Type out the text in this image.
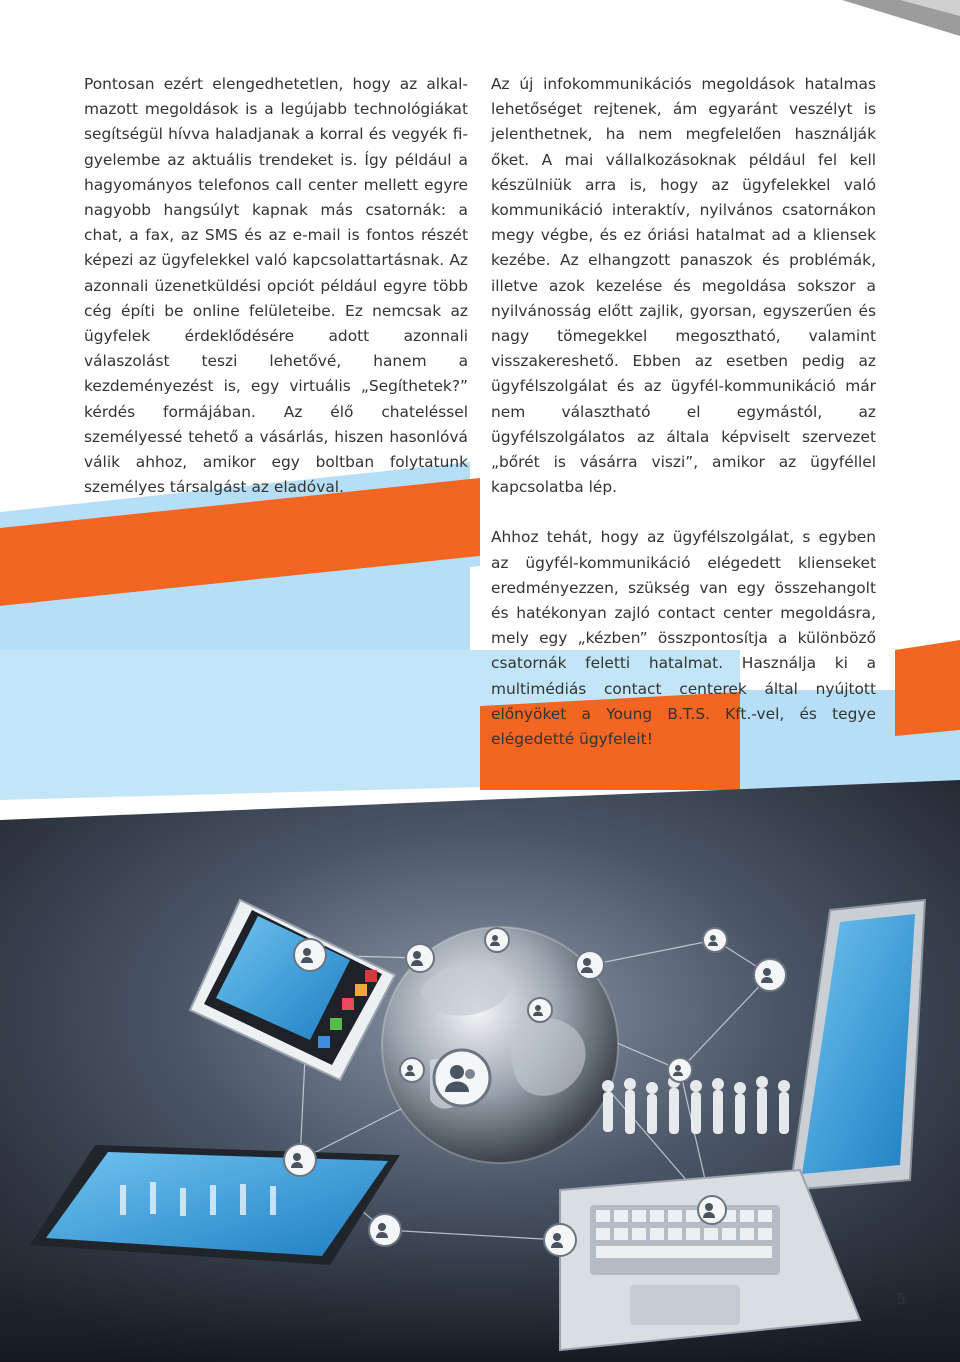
Pontosan ezért elengedhetetlen, hogy az alkalmazott megoldások is a legújabb technológiákat segítségül hívva haladjanak a korral és vegyék figyelembe az aktuális trendeket is. Így például a hagyományos telefonos call center mellett egyre nagyobb hangsúlyt kapnak más csatornák: a chat, a fax, az SMS és az e-mail is fontos részét képezi az ügyfelekkel való kapcsolattartásnak. Az azonnali üzenetküldési opciót például egyre több cég építi be online felületeibe. Ez nemcsak az ügyfelek érdeklődésére adott azonnali válaszolást teszi lehetővé, hanem a kezdeményezést is, egy virtuális „Segíthetek?” kérdés formájában. Az élő chateléssel személyessé tehető a vásárlás, hiszen hasonlóvá válik ahhoz, amikor egy boltban folytatunk személyes társalgást az eladóval.

Az új infokommunikációs megoldások hatalmas lehetőséget rejtenek, ám egyaránt veszélyt is jelenthetnek, ha nem megfelelően használják őket. A mai vállalkozásoknak például fel kell készülniük arra is, hogy az ügyfelekkel való kommunikáció interaktív, nyilvános csatornákon megy végbe, és ez óriási hatalmat ad a kliensek kezébe. Az elhangzott panaszok és problémák, illetve azok kezelése és megoldása sokszor a nyilvánosság előtt zajlik, gyorsan, egyszerűen és nagy tömegekkel megosztható, valamint visszakereshető. Ebben az esetben pedig az ügyfélszolgálat és az ügyfél-kommunikáció már nem választható el egymástól, az ügyfélszolgálatos az általa képviselt szervezet „bőrét is vásárra viszi”, amikor az ügyféllel kapcsolatba lép.

Ahhoz tehát, hogy az ügyfélszolgálat, s egyben az ügyfél-kommunikáció elégedett klienseket eredményezzen, szükség van egy összehangolt és hatékonyan zajló contact center megoldásra, mely egy „kézben” összpontosítja a különböző csatornák feletti hatalmat. Használja ki a multimédiás contact centerek által nyújtott előnyöket a Young B.T.S. Kft.-vel, és tegye elégedetté ügyfeleit!

5
